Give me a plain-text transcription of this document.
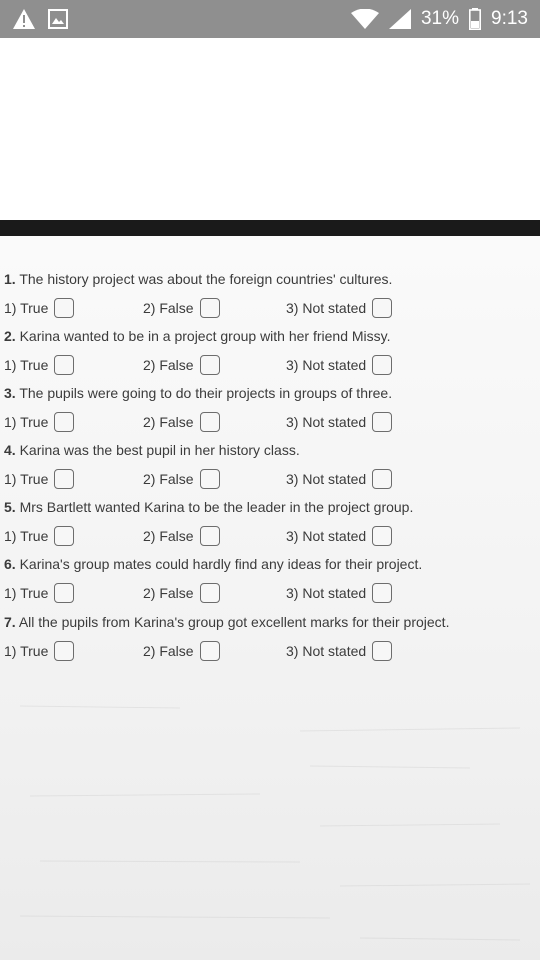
31% 9:13
1. The history project was about the foreign countries' cultures.
1) True	2) False	3) Not stated
2. Karina wanted to be in a project group with her friend Missy.
1) True	2) False	3) Not stated
3. The pupils were going to do their projects in groups of three.
1) True	2) False	3) Not stated
4. Karina was the best pupil in her history class.
1) True	2) False	3) Not stated
5. Mrs Bartlett wanted Karina to be the leader in the project group.
1) True	2) False	3) Not stated
6. Karina's group mates could hardly find any ideas for their project.
1) True	2) False	3) Not stated
7. All the pupils from Karina's group got excellent marks for their project.
1) True	2) False	3) Not stated
